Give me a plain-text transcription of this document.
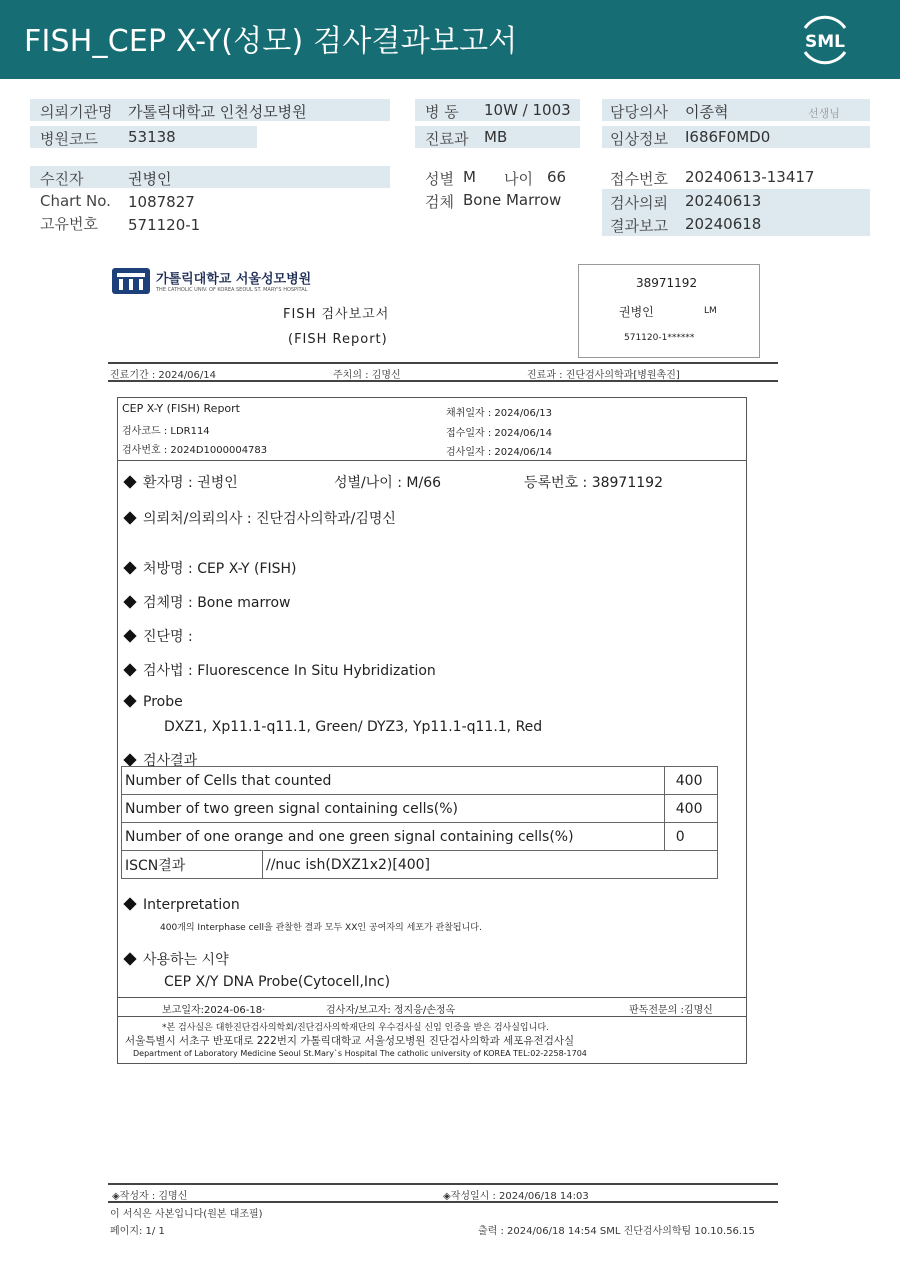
FISH_CEP X-Y(성모) 검사결과보고서	SML
의뢰기관명 가톨릭대학교 인천성모병원
병원코드 53138
병 동 10W / 1003
진료과 MB
담당의사 이종혁	선생님
임상정보 I686F0MD0
수진자	권병인
Chart No. 1087827
고유번호 571120-1
성별 M 나이 66
검체 Bone Marrow
접수번호 20240613-13417
검사의뢰 20240613
결과보고 20240618
가톨릭대학교 서울성모병원
THE CATHOLIC UNIV. OF KOREA SEOUL ST. MARY'S HOSPITAL
FISH 검사보고서
(FISH Report)
38971192
권병인	LM
571120-1******
진료기간 : 2024/06/14	주치의 : 김명신	진료과 : 진단검사의학과[병원촉진]
CEP X-Y (FISH) Report
검사코드 : LDR114
검사번호 : 2024D1000004783
채취일자 : 2024/06/13
접수일자 : 2024/06/14
검사일자 : 2024/06/14
환자명 : 권병인	성별/나이 : M/66	등록번호 : 38971192
의뢰처/의뢰의사 : 진단검사의학과/김명신
처방명 : CEP X-Y (FISH)
검체명 : Bone marrow
진단명 :
검사법 : Fluorescence In Situ Hybridization
Probe
DXZ1, Xp11.1-q11.1, Green/ DYZ3, Yp11.1-q11.1, Red
검사결과
Number of Cells that counted		400
Number of two green signal containing cells(%)		400
Number of one orange and one green signal containing cells(%)		0
ISCN결과	//nuc ish(DXZ1x2)[400]	
Interpretation
400개의 Interphase cell을 관찰한 결과 모두 XX인 공여자의 세포가 관찰됩니다.
사용하는 시약
CEP X/Y DNA Probe(Cytocell,Inc)
보고일자:2024-06-18·	검사자/보고자: 정지응/손정옥	판독전문의 :김명신
*본 검사실은 대한진단검사의학회/진단검사의학재단의 우수검사실 신임 인증을 받은 검사실입니다.
서울특별시 서초구 반포대로 222번지 가톨릭대학교 서울성모병원 진단검사의학과 세포유전검사실
Department of Laboratory Medicine Seoul St.Mary`s Hospital The catholic university of KOREA TEL:02-2258-1704
◈작성자 : 김명신	◈작성일시 : 2024/06/18 14:03
이 서식은 사본입니다(원본 대조필)
페이지: 1/ 1	출력 : 2024/06/18 14:54 SML 진단검사의학팀 10.10.56.15
